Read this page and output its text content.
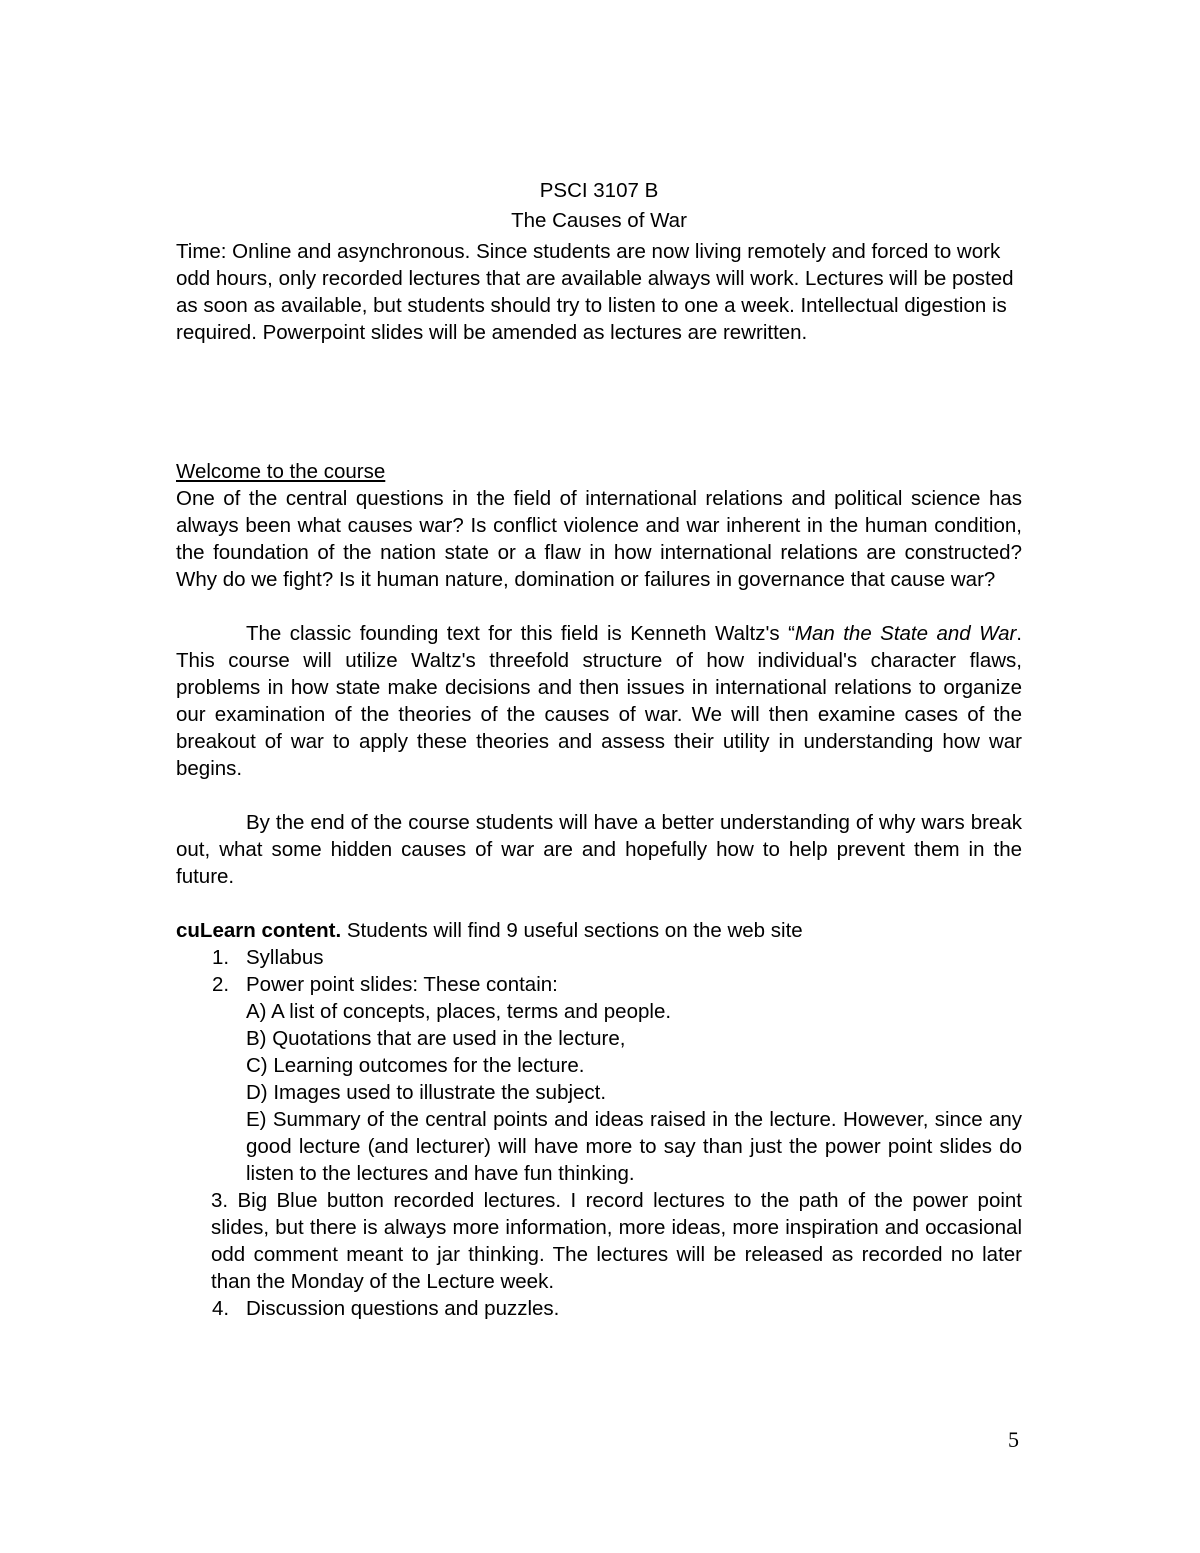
PSCI 3107 B

The Causes of War

Time: Online and asynchronous. Since students are now living remotely and forced to work odd hours, only recorded lectures that are available always will work. Lectures will be posted as soon as available, but students should try to listen to one a week. Intellectual digestion is required. Powerpoint slides will be amended as lectures are rewritten.

Welcome to the course

One of the central questions in the field of international relations and political science has always been what causes war? Is conflict violence and war inherent in the human condition, the foundation of the nation state or a flaw in how international relations are constructed? Why do we fight? Is it human nature, domination or failures in governance that cause war?

The classic founding text for this field is Kenneth Waltz's “Man the State and War. This course will utilize Waltz's threefold structure of how individual's character flaws, problems in how state make decisions and then issues in international relations to organize our examination of the theories of the causes of war. We will then examine cases of the breakout of war to apply these theories and assess their utility in understanding how war begins.

By the end of the course students will have a better understanding of why wars break out, what some hidden causes of war are and hopefully how to help prevent them in the future.

cuLearn content. Students will find 9 useful sections on the web site

1. Syllabus
2. Power point slides: These contain:

A) A list of concepts, places, terms and people.

B) Quotations that are used in the lecture,

C) Learning outcomes for the lecture.

D) Images used to illustrate the subject.

E) Summary of the central points and ideas raised in the lecture. However, since any good lecture (and lecturer) will have more to say than just the power point slides do listen to the lectures and have fun thinking.

3. Big Blue button recorded lectures. I record lectures to the path of the power point slides, but there is always more information, more ideas, more inspiration and occasional odd comment meant to jar thinking. The lectures will be released as recorded no later than the Monday of the Lecture week.

4. Discussion questions and puzzles.
5
